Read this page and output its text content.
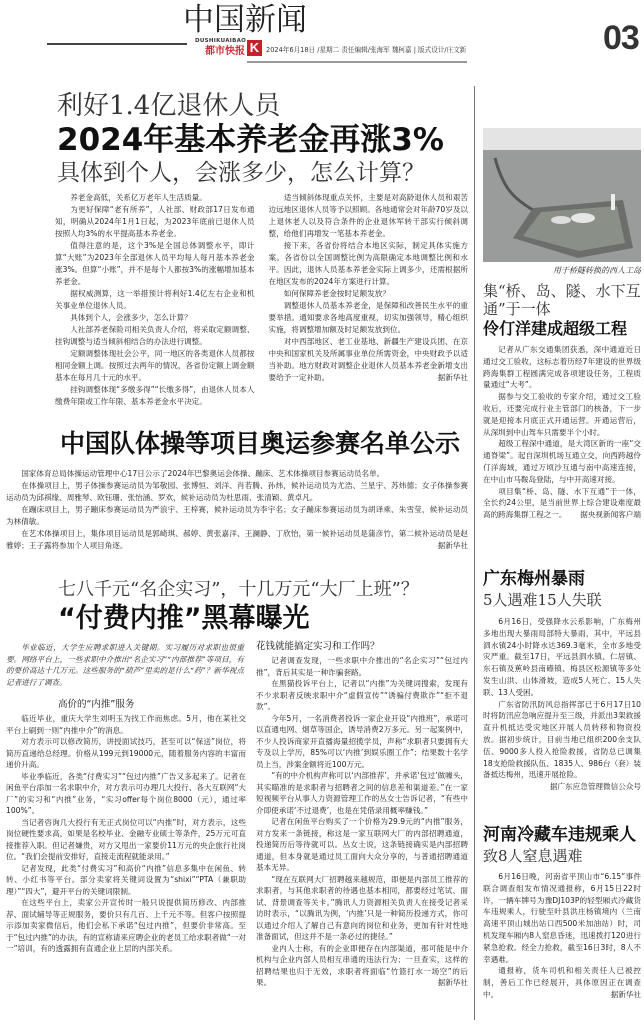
中国新闻
DUSHIKUAIBAO
都市快报 K	2024年6月18日 /星期二 责任编辑/张海军 魏柯嘉 | 版式设计/庄文新	03
利好1.4亿退休人员
2024年基本养老金再涨3%
具体到个人，会涨多少，怎么计算？

养老金高低，关系亿万老年人生活质量。

为更好保障“老有所养”，人社部、财政部17日发布通知，明确从2024年1月1日起，为2023年底前已退休人员按照人均3%的水平提高基本养老金。

值得注意的是，这个3%是全国总体调整水平，即计算“大账”为2023年全部退休人员平均每人每月基本养老金涨3%。但算“小账”，并不是每个人都按3%的涨幅增加基本养老金。

据权威测算，这一举措预计将利好1.4亿左右企业和机关事业单位退休人员。

具体到个人，会涨多少，怎么计算？

人社部养老保险司相关负责人介绍，将采取定额调整、挂钩调整与适当倾斜相结合的办法进行调整。

定额调整体现社会公平，同一地区的各类退休人员都按相同金额上调。按照过去两年的情况，各省份定额上调金额基本在每月几十元的水平。

挂钩调整体现“多缴多得”“长缴多得”，由退休人员本人缴费年限或工作年限、基本养老金水平决定。

适当倾斜体现重点关怀，主要是对高龄退休人员和艰苦边远地区退休人员等予以照顾。各地通常会对年龄70岁及以上退休老人以及符合条件的企业退休军转干部实行倾斜调整，给他们再增发一笔基本养老金。

接下来，各省份将结合本地区实际，制定具体实施方案。各省份以全国调整比例为高限确定本地调整比例和水平。因此，退休人员基本养老金实际上调多少，还需根据所在地区发布的2024年方案进行计算。

如何保障养老金按时足额发放？

调整退休人员基本养老金，是保障和改善民生水平的重要举措。通知要求各地高度重视，切实加强领导，精心组织实施，将调整增加额及时足额发放到位。

对中西部地区、老工业基地、新疆生产建设兵团、在京中央和国家机关及所属事业单位所需资金，中央财政予以适当补助。地方财政对调整企业退休人员基本养老金新增支出要给予一定补助。	据新华社

中国队体操等项目奥运参赛名单公示

国家体育总局体操运动管理中心17日公示了2024年巴黎奥运会体操、蹦床、艺术体操项目参赛运动员名单。

在体操项目上，男子体操参赛运动员为邹敬园、张博恒、刘洋、肖若腾、孙炜，候补运动员为尤浩、兰星宇、苏炜德；女子体操参赛运动员为邱祺缘、周雅琴、欧钰珊、张怡涵、罗欢，候补运动员为杜思雨、张清颖、黄卓凡。

在蹦床项目上，男子蹦床参赛运动员为严浪宇、王梓赛，候补运动员为李宇名；女子蹦床参赛运动员为胡译乘、朱雪莹，候补运动员为林倩敏。

在艺术体操项目上，集体项目运动员是郭崎琪、郝婷、黄张嘉洋、王澜静、丁欣怡，第一候补运动员是蒲彦竹，第二候补运动员是赵雅婷；王子露将参加个人项目角逐。	据新华社

七八千元“名企实习”，十几万元“大厂上班”？
“付费内推”黑幕曝光

毕业临近，大学生应聘求职进入关键期。实习履历对求职也很重要。网络平台上，一些求职中介推出“名企实习”“内部推荐”等项目，有的要价高达十几万元。这些服务的“葫芦”里卖的是什么“药”？新华视点记者进行了调查。

高价的“内推”服务

临近毕业，重庆大学生刘明玉为找工作而焦虑。5月，他在某社交平台上刷到一则“内推中介”的消息。

对方表示可以修改简历，讲授面试技巧，甚至可以“保送”岗位，将简历直递给总经理。价格从199元到19000元，随着服务内容的丰富而递价升高。

毕业季临近，各类“付费实习”“包过内推”广告又多起来了。记者在闲鱼平台添加一名求职中介，对方表示可办理几大投行、各大互联网“大厂”的实习和“内推”业务，“实习offer每个岗位8000（元），通过率100%”。

当记者咨询几大投行有无正式岗位可以“内推”时，对方表示，这些岗位硬性要求高，如果是名校毕业、金融专业硕士等条件，25万元可直接推荐入职。但记者嫌贵，对方又甩出一家要价11万元的央企旅行社岗位。“我们会提前安排好，直接走流程就能录用。”

记者发现，此类“付费实习”和高价“内推”信息多集中在闲鱼、转转、小红书等平台。部分卖家将关键词设置为“shixi”“PTA（兼职助理）”“四大”，避开平台的关键词限制。

在这些平台上，卖家公开宣传时一般只说提供简历修改、内部推荐、面试辅导等正规服务，要价只有几百、上千元不等。但客户按照提示添加卖家微信后，他们会私下承诺“包过内推”，但要价非常高。至于“包过内推”的办法，有的宣称请来应聘企业的老员工给求职者做“一对一”培训，有的透露拥有直通企业上层的内部关系。

花钱就能搞定实习和工作吗？

记者调查发现，一些求职中介推出的“名企实习”“包过内推”，背后其实是一种诈骗套路。

在黑猫投诉平台上，记者以“内推”为关键词搜索，发现有不少求职者反映求职中介“虚假宣传”“诱骗付费欺诈”“拒不退款”。

今年5月，一名消费者投诉一家企业开设“内推班”，承诺可以直通电网、烟草等国企，诱导消费2万多元。另一起案例中，不少人投诉商家开直播海量招揽学员，声称“求职者只要拥有大专及以上学历，85%可以‘内推’到娱乐圈工作”；结果数十名学员上当，涉案金额将近100万元。

“有的中介机构声称可以‘内部推荐’，并承诺‘包过’做噱头，其实瞄准的是求职者与招聘者之间的信息差和渠道差。”在一家短视频平台从事人力资源管理工作的丛女士告诉记者，“有些中介即使承诺‘不过退费’，也是在凭借录用概率赚钱。”

记者在闲鱼平台购买了一个价格为29.9元的“内推”服务，对方发来一条链接，称这是一家互联网大厂的内部招聘通道，投递简历后等待就可以。丛女士说，这条链接确实是内部招聘通道，但本身就是通过员工面向大众分享的，与普通招聘通道基本无异。

“现在互联网大厂招聘越来越规范，即便是内部员工推荐的求职者，与其他求职者的待遇也基本相同，都要经过笔试、面试、背景调查等关卡。”腾讯人力资源相关负责人在接受记者采访时表示，“以腾讯为例，‘内推’只是一种简历投递方式，你可以通过介绍人了解自己有意向的岗位和业务，更加有针对性地准备面试，但这并不是一条必过的捷径。”

业内人士称，有的企业即便存在内部渠道，那可能是中介机构与企业内部人员相互串通的违法行为；一旦查实，这样的招聘结果也归于无效，求职者将面临“竹篮打水一场空”的后果。	据新华社

用于桥隧转换的西人工岛
集“桥、岛、隧、水下互通”于一体
伶仃洋建成超级工程

记者从广东交通集团获悉，深中通道近日通过交工验收，这标志着历经7年建设的世界级跨海集群工程圆满完成各项建设任务，工程质量通过“大考”。

据参与交工验收的专家介绍，通过交工验收后，还要完成行业主管部门的核备，下一步就是迎接本月底正式开通运营。开通运营后，从深圳到中山驾车只需要半个小时。

超级工程深中通道，是大湾区新的一座“交通脊梁”。起自深圳机场互通立交，向西跨越伶仃洋海域，通过万顷沙互通与南中高速连接，在中山市马鞍岛登陆，与中开高速对接。

项目集“桥、岛、隧、水下互通”于一体，全长约24公里，是当前世界上综合建设难度最高的跨海集群工程之一。	据央视新闻客户端

广东梅州暴雨
5人遇难15人失联

6月16日，受强降水云系影响，广东梅州多地出现大暴雨局部特大暴雨，其中，平远县泗水镇24小时降水达369.3毫米，全市多地受灾严重。截至17日，平远县泗水镇、仁居镇、东石镇及蕉岭县南礤镇、梅县区松源镇等多处发生山洪、山体滑坡，造成5人死亡、15人失联、13人受困。

广东省防汛防风总指挥部已于6月17日10时将防汛应急响应提升至三级，并派出3架救援直升机抵达受灾地区开展人员转移和物资投放。据初步统计，目前当地已组织200余支队伍、9000多人投入抢险救援，省防总已调集18支抢险救援队伍、1835人、986台（套）装备抵达梅州，迅速开展抢险。
据广东应急管理微信公众号

河南冷藏车违规乘人
致8人窒息遇难

6月16日晚，河南省平顶山市“6.15”事件联合调查组发布情况通报称，6月15日22时许，一辆车牌号为豫DJ103P的轻型厢式冷藏货车违规乘人，行驶至叶县洪庄杨镇境内（兰南高速平顶山城出站口西500米加油站）时，司机发现车厢内8人窒息昏迷，迅速拨打120进行紧急抢救。经全力抢救，截至16日3时，8人不幸遇难。

通报称，货车司机和相关责任人已被控制，善后工作已经展开，具体原因正在调查中。	据新华社
